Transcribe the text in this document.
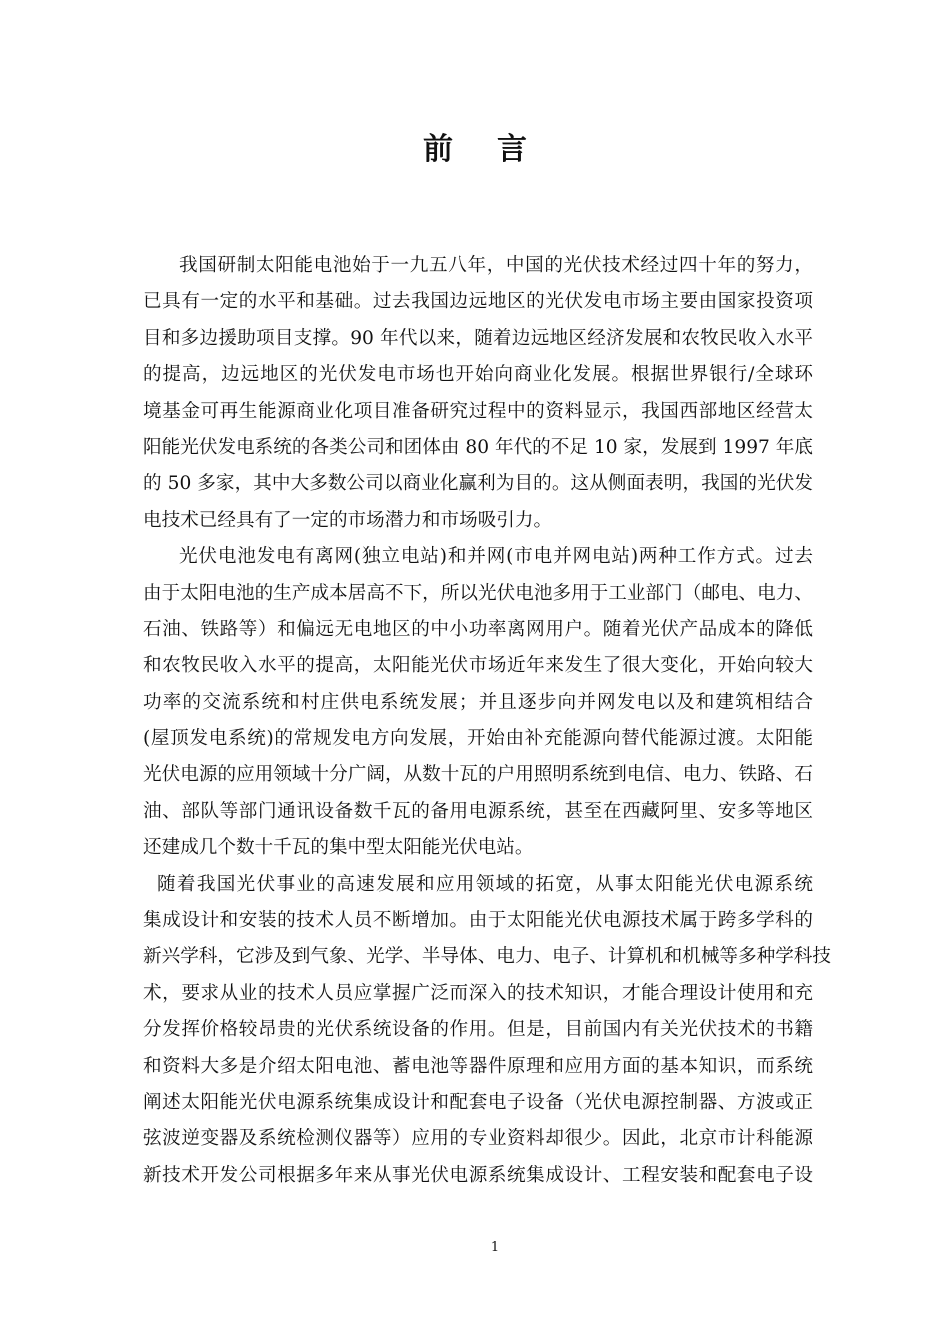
前 言
我国研制太阳能电池始于一九五八年，中国的光伏技术经过四十年的努力，
已具有一定的水平和基础。过去我国边远地区的光伏发电市场主要由国家投资项
目和多边援助项目支撑。90 年代以来，随着边远地区经济发展和农牧民收入水平
的提高，边远地区的光伏发电市场也开始向商业化发展。根据世界银行/全球环
境基金可再生能源商业化项目准备研究过程中的资料显示，我国西部地区经营太
阳能光伏发电系统的各类公司和团体由 80 年代的不足 10 家，发展到 1997 年底
的 50 多家，其中大多数公司以商业化赢利为目的。这从侧面表明，我国的光伏发
电技术已经具有了一定的市场潜力和市场吸引力。
光伏电池发电有离网(独立电站)和并网(市电并网电站)两种工作方式。过去
由于太阳电池的生产成本居高不下，所以光伏电池多用于工业部门（邮电、电力、
石油、铁路等）和偏远无电地区的中小功率离网用户。随着光伏产品成本的降低
和农牧民收入水平的提高，太阳能光伏市场近年来发生了很大变化，开始向较大
功率的交流系统和村庄供电系统发展；并且逐步向并网发电以及和建筑相结合
(屋顶发电系统)的常规发电方向发展，开始由补充能源向替代能源过渡。太阳能
光伏电源的应用领域十分广阔，从数十瓦的户用照明系统到电信、电力、铁路、石
油、部队等部门通讯设备数千瓦的备用电源系统，甚至在西藏阿里、安多等地区
还建成几个数十千瓦的集中型太阳能光伏电站。
随着我国光伏事业的高速发展和应用领域的拓宽，从事太阳能光伏电源系统
集成设计和安装的技术人员不断增加。由于太阳能光伏电源技术属于跨多学科的
新兴学科，它涉及到气象、光学、半导体、电力、电子、计算机和机械等多种学科技
术，要求从业的技术人员应掌握广泛而深入的技术知识，才能合理设计使用和充
分发挥价格较昂贵的光伏系统设备的作用。但是，目前国内有关光伏技术的书籍
和资料大多是介绍太阳电池、蓄电池等器件原理和应用方面的基本知识，而系统
阐述太阳能光伏电源系统集成设计和配套电子设备（光伏电源控制器、方波或正
弦波逆变器及系统检测仪器等）应用的专业资料却很少。因此，北京市计科能源
新技术开发公司根据多年来从事光伏电源系统集成设计、工程安装和配套电子设
1
